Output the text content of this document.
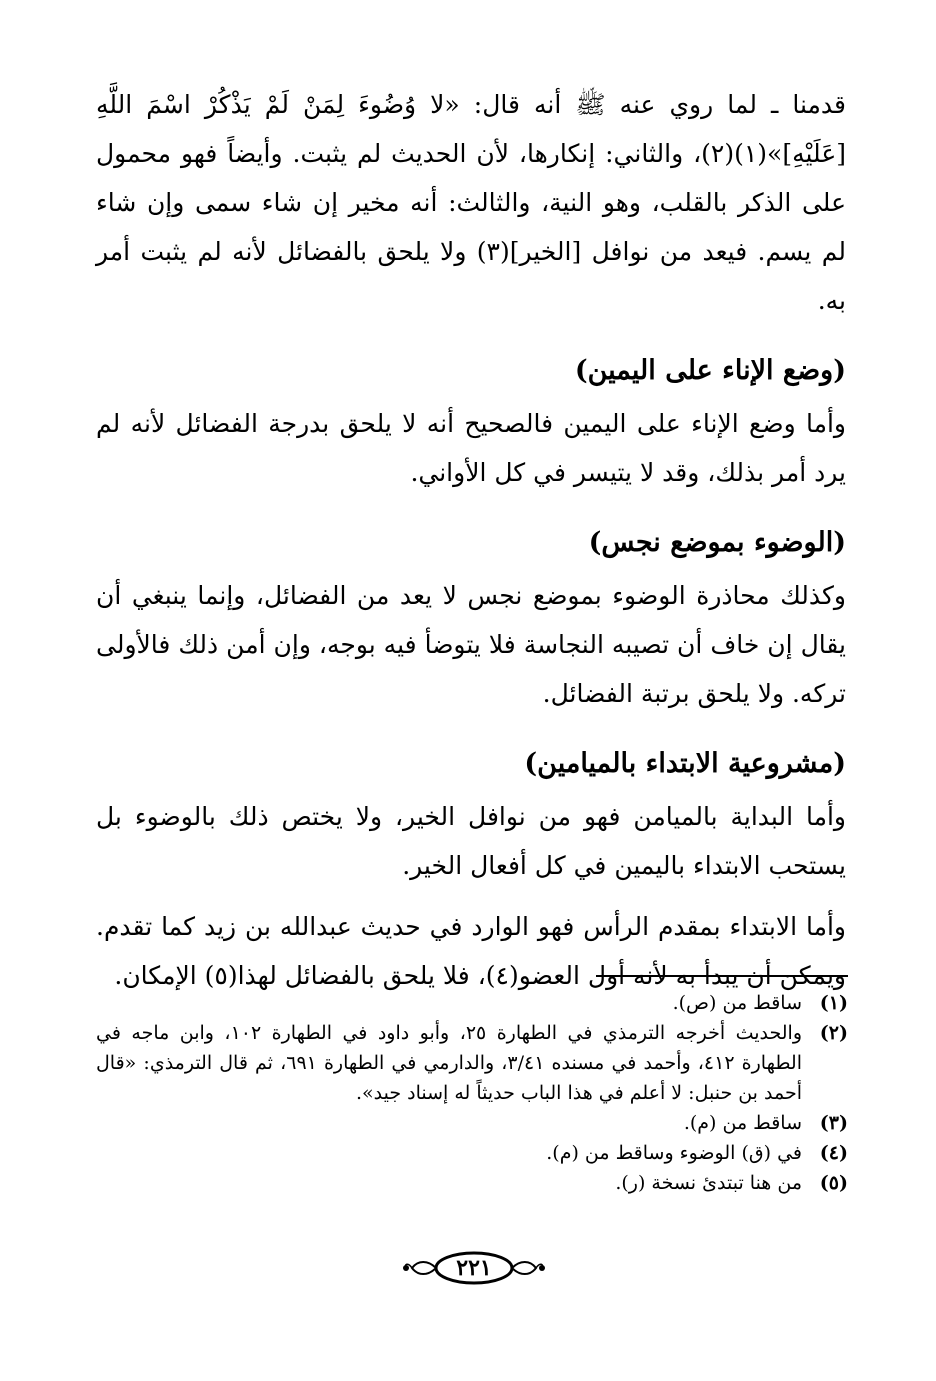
قدمنا ـ لما روي عنه ﷺ أنه قال: «لا وُضُوءَ لِمَنْ لَمْ يَذْكُرْ اسْمَ اللَّهِ [عَلَيْهِ]»(١)(٢)، والثاني: إنكارها، لأن الحديث لم يثبت. وأيضاً فهو محمول على الذكر بالقلب، وهو النية، والثالث: أنه مخير إن شاء سمى وإن شاء لم يسم. فيعد من نوافل [الخير](٣) ولا يلحق بالفضائل لأنه لم يثبت أمر به.

(وضع الإناء على اليمين)

وأما وضع الإناء على اليمين فالصحيح أنه لا يلحق بدرجة الفضائل لأنه لم يرد أمر بذلك، وقد لا يتيسر في كل الأواني.

(الوضوء بموضع نجس)

وكذلك محاذرة الوضوء بموضع نجس لا يعد من الفضائل، وإنما ينبغي أن يقال إن خاف أن تصيبه النجاسة فلا يتوضأ فيه بوجه، وإن أمن ذلك فالأولى تركه. ولا يلحق برتبة الفضائل.

(مشروعية الابتداء بالميامين)

وأما البداية بالميامن فهو من نوافل الخير، ولا يختص ذلك بالوضوء بل يستحب الابتداء باليمين في كل أفعال الخير.

وأما الابتداء بمقدم الرأس فهو الوارد في حديث عبدالله بن زيد كما تقدم. ويمكن أن يبدأ به لأنه أول العضو(٤)، فلا يلحق بالفضائل لهذا(٥) الإمكان.

(١)
ساقط من (ص).
(٢)
والحديث أخرجه الترمذي في الطهارة ٢٥، وأبو داود في الطهارة ١٠٢، وابن ماجه في الطهارة ٤١٢، وأحمد في مسنده ٣/٤١، والدارمي في الطهارة ٦٩١، ثم قال الترمذي: «قال أحمد بن حنبل: لا أعلم في هذا الباب حديثاً له إسناد جيد».
(٣)
ساقط من (م).
(٤)
في (ق) الوضوء وساقط من (م).
(٥)
من هنا تبتدئ نسخة (ر).
٢٢١
